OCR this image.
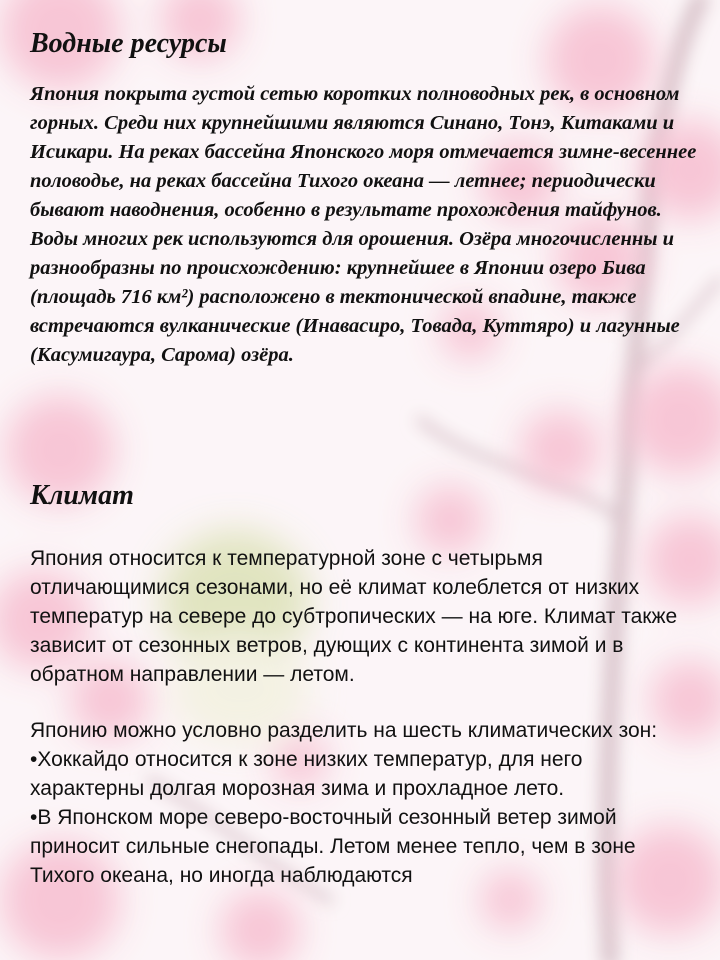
Водные ресурсы

Япония покрыта густой сетью коротких полноводных рек, в основном горных. Среди них крупнейшими являются Синано, Тонэ, Китаками и Исикари. На реках бассейна Японского моря отмечается зимне-весеннее половодье, на реках бассейна Тихого океана — летнее; периодически бывают наводнения, особенно в результате прохождения тайфунов. Воды многих рек используются для орошения. Озёра многочисленны и разнообразны по происхождению: крупнейшее в Японии озеро Бива (площадь 716 км²) расположено в тектонической впадине, также встречаются вулканические (Инавасиро, Товада, Куттяро) и лагунные (Касумигаура, Сарома) озёра.

Климат

Япония относится к температурной зоне с четырьмя отличающимися сезонами, но её климат колеблется от низких температур на севере до субтропических — на юге. Климат также зависит от сезонных ветров, дующих с континента зимой и в обратном направлении — летом.

Японию можно условно разделить на шесть климатических зон:
•Хоккайдо относится к зоне низких температур, для него характерны долгая морозная зима и прохладное лето.
•В Японском море северо-восточный сезонный ветер зимой приносит сильные снегопады. Летом менее тепло, чем в зоне Тихого океана, но иногда наблюдаются
